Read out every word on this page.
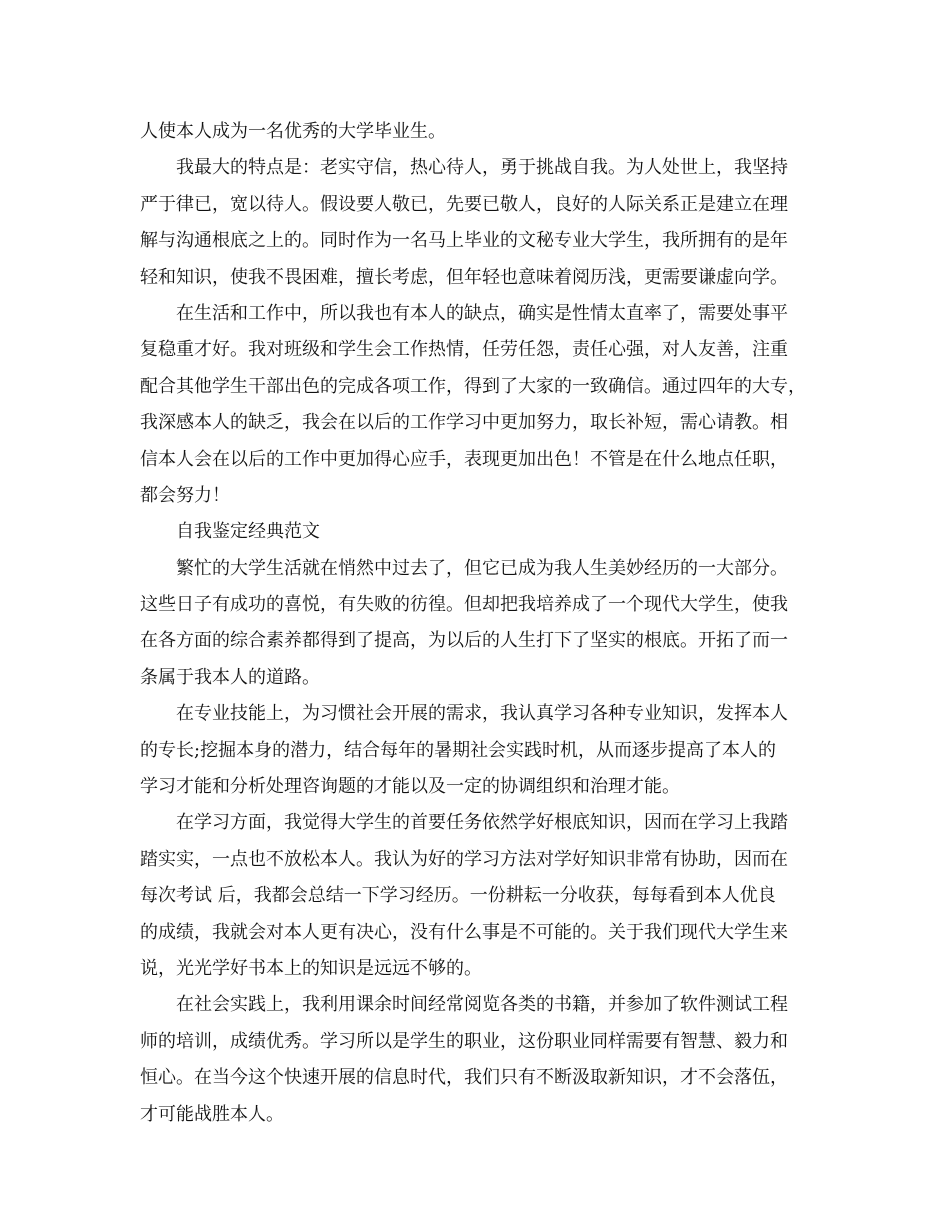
人使本人成为一名优秀的大学毕业生。
我最大的特点是：老实守信，热心待人，勇于挑战自我。为人处世上，我坚持
严于律已，宽以待人。假设要人敬已，先要已敬人，良好的人际关系正是建立在理
解与沟通根底之上的。同时作为一名马上毕业的文秘专业大学生，我所拥有的是年
轻和知识，使我不畏困难，擅长考虑，但年轻也意味着阅历浅，更需要谦虚向学。
在生活和工作中，所以我也有本人的缺点，确实是性情太直率了，需要处事平
复稳重才好。我对班级和学生会工作热情，任劳任怨，责任心强，对人友善，注重
配合其他学生干部出色的完成各项工作，得到了大家的一致确信。通过四年的大专，
我深感本人的缺乏，我会在以后的工作学习中更加努力，取长补短，需心请教。相
信本人会在以后的工作中更加得心应手，表现更加出色！不管是在什么地点任职，
都会努力！
自我鉴定经典范文
繁忙的大学生活就在悄然中过去了，但它已成为我人生美妙经历的一大部分。
这些日子有成功的喜悦，有失败的彷徨。但却把我培养成了一个现代大学生，使我
在各方面的综合素养都得到了提高，为以后的人生打下了坚实的根底。开拓了而一
条属于我本人的道路。
在专业技能上，为习惯社会开展的需求，我认真学习各种专业知识，发挥本人
的专长;挖掘本身的潜力，结合每年的暑期社会实践时机，从而逐步提高了本人的
学习才能和分析处理咨询题的才能以及一定的协调组织和治理才能。
在学习方面，我觉得大学生的首要任务依然学好根底知识，因而在学习上我踏
踏实实，一点也不放松本人。我认为好的学习方法对学好知识非常有协助，因而在
每次考试 后，我都会总结一下学习经历。一份耕耘一分收获，每每看到本人优良
的成绩，我就会对本人更有决心，没有什么事是不可能的。关于我们现代大学生来
说，光光学好书本上的知识是远远不够的。
在社会实践上，我利用课余时间经常阅览各类的书籍，并参加了软件测试工程
师的培训，成绩优秀。学习所以是学生的职业，这份职业同样需要有智慧、毅力和
恒心。在当今这个快速开展的信息时代，我们只有不断汲取新知识，才不会落伍，
才可能战胜本人。
